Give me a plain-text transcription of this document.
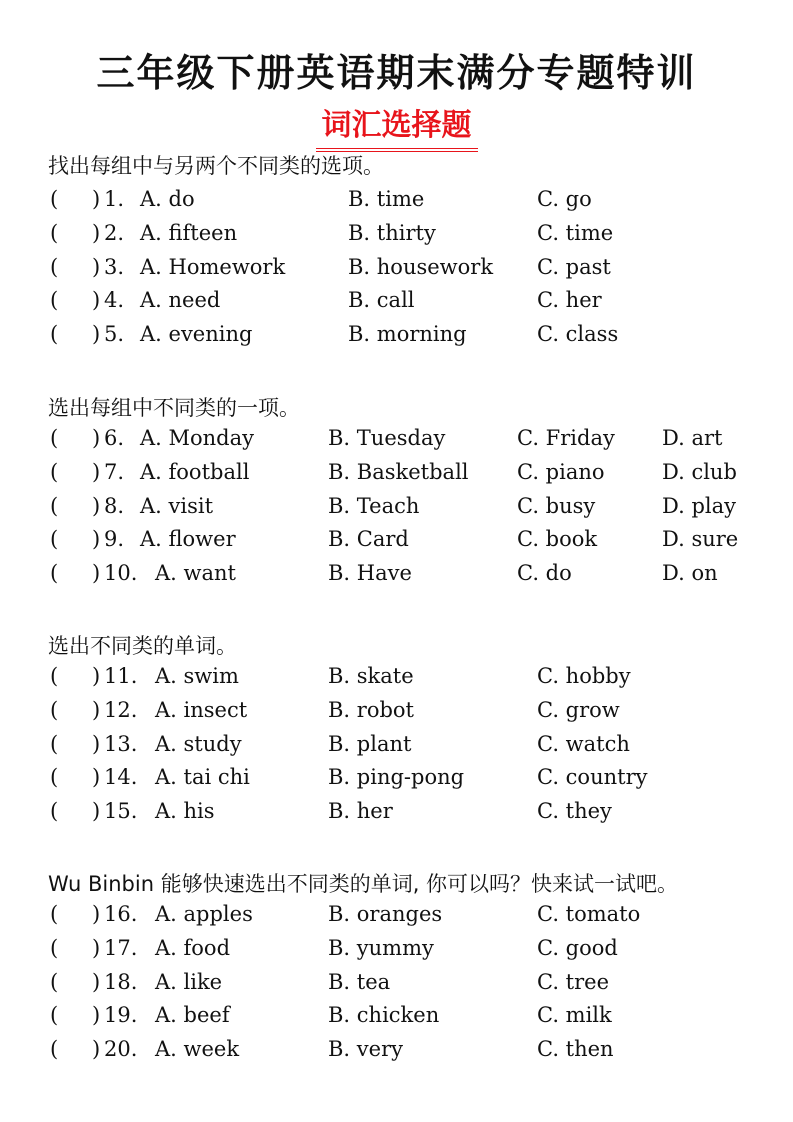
三年级下册英语期末满分专题特训
词汇选择题
找出每组中与另两个不同类的选项。
( ) 1. A. do	B. time	C. go
( ) 2. A. fifteen	B. thirty	C. time
( ) 3. A. Homework	B. housework C. past
( ) 4. A. need	B. call	C. her
( ) 5. A. evening	B. morning	C. class
选出每组中不同类的一项。
( ) 6. A. Monday	B. Tuesday	C. Friday D. art
( ) 7. A. football	B. Basketball C. piano	D. club
( ) 8. A. visit	B. Teach	C. busy	D. play
( ) 9. A. flower	B. Card	C. book	D. sure
( ) 10. A. want	B. Have	C. do	D. on
选出不同类的单词。
( ) 11. A. swim	B. skate	C. hobby
( ) 12. A. insect	B. robot	C. grow
( ) 13. A. study	B. plant	C. watch
( ) 14. A. tai chi	B. ping-pong	C. country
( ) 15. A. his	B. her	C. they
Wu Binbin 能够快速选出不同类的单词, 你可以吗？快来试一试吧。
( ) 16. A. apples	B. oranges	C. tomato
( ) 17. A. food	B. yummy	C. good
( ) 18. A. like	B. tea	C. tree
( ) 19. A. beef	B. chicken	C. milk
( ) 20. A. week	B. very	C. then
